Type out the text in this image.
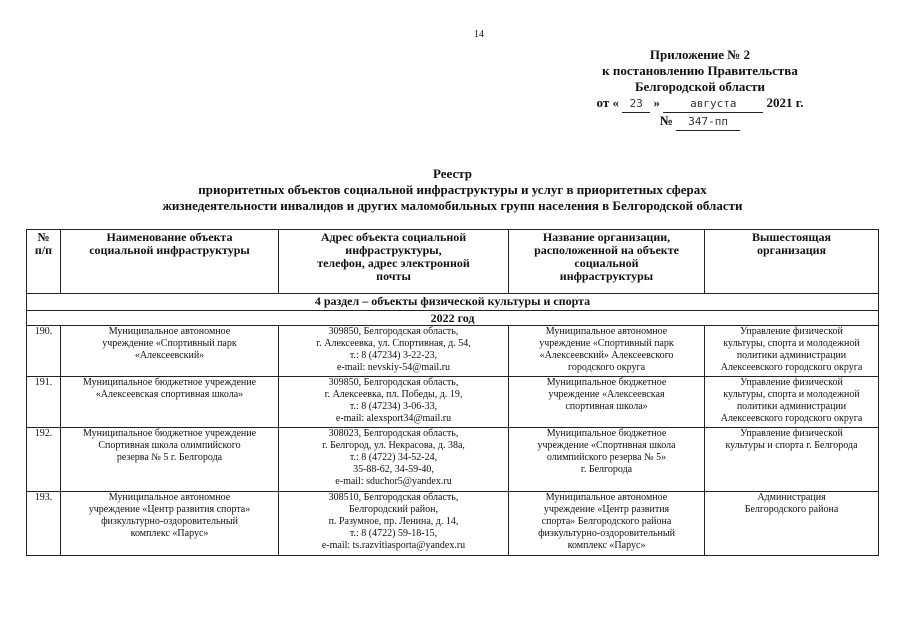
14
Приложение № 2
к постановлению Правительства
Белгородской области
от « 23 »	августа 2021 г.
№ 347-пп
Реестр
приоритетных объектов социальной инфраструктуры и услуг в приоритетных сферах
жизнедеятельности инвалидов и других маломобильных групп населения в Белгородской области
№
п/п	Наименование объекта
социальной инфраструктуры	Адрес объекта социальной
инфраструктуры,
телефон, адрес электронной
почты	Название организации,
расположенной на объекте
социальной
инфраструктуры	Вышестоящая
организация
4 раздел – объекты физической культуры и спорта				
2022 год				
190.	Муниципальное автономное
учреждение «Спортивный парк
«Алексеевский»	309850, Белгородская область,
г. Алексеевка, ул. Спортивная, д. 54,
т.: 8 (47234) 3-22-23,
e-mail: nevskiy-54@mail.ru	Муниципальное автономное
учреждение «Спортивный парк
«Алексеевский» Алексеевского
городского округа	Управление физической
культуры, спорта и молодежной
политики администрации
Алексеевского городского округа
191.	Муниципальное бюджетное учреждение
«Алексеевская спортивная школа»	309850, Белгородская область,
г. Алексеевка, пл. Победы, д. 19,
т.: 8 (47234) 3-06-33,
e-mail: alexsport34@mail.ru	Муниципальное бюджетное
учреждение «Алексеевская
спортивная школа»	Управление физической
культуры, спорта и молодежной
политики администрации
Алексеевского городского округа
192.	Муниципальное бюджетное учреждение
Спортивная школа олимпийского
резерва № 5 г. Белгорода	308023, Белгородская область,
г. Белгород, ул. Некрасова, д. 38а,
т.: 8 (4722) 34-52-24,
35-88-62, 34-59-40,
e-mail: sduchor5@yandex.ru	Муниципальное бюджетное
учреждение «Спортивная школа
олимпийского резерва № 5»
г. Белгорода	Управление физической
культуры и спорта г. Белгорода
193.	Муниципальное автономное
учреждение «Центр развития спорта»
физкультурно-оздоровительный
комплекс «Парус»	308510, Белгородская область,
Белгородский район,
п. Разумное, пр. Ленина, д. 14,
т.: 8 (4722) 59-18-15,
e-mail: ts.razvitiasporta@yandex.ru	Муниципальное автономное
учреждение «Центр развития
спорта» Белгородского района
физкультурно-оздоровительный
комплекс «Парус»	Администрация
Белгородского района
